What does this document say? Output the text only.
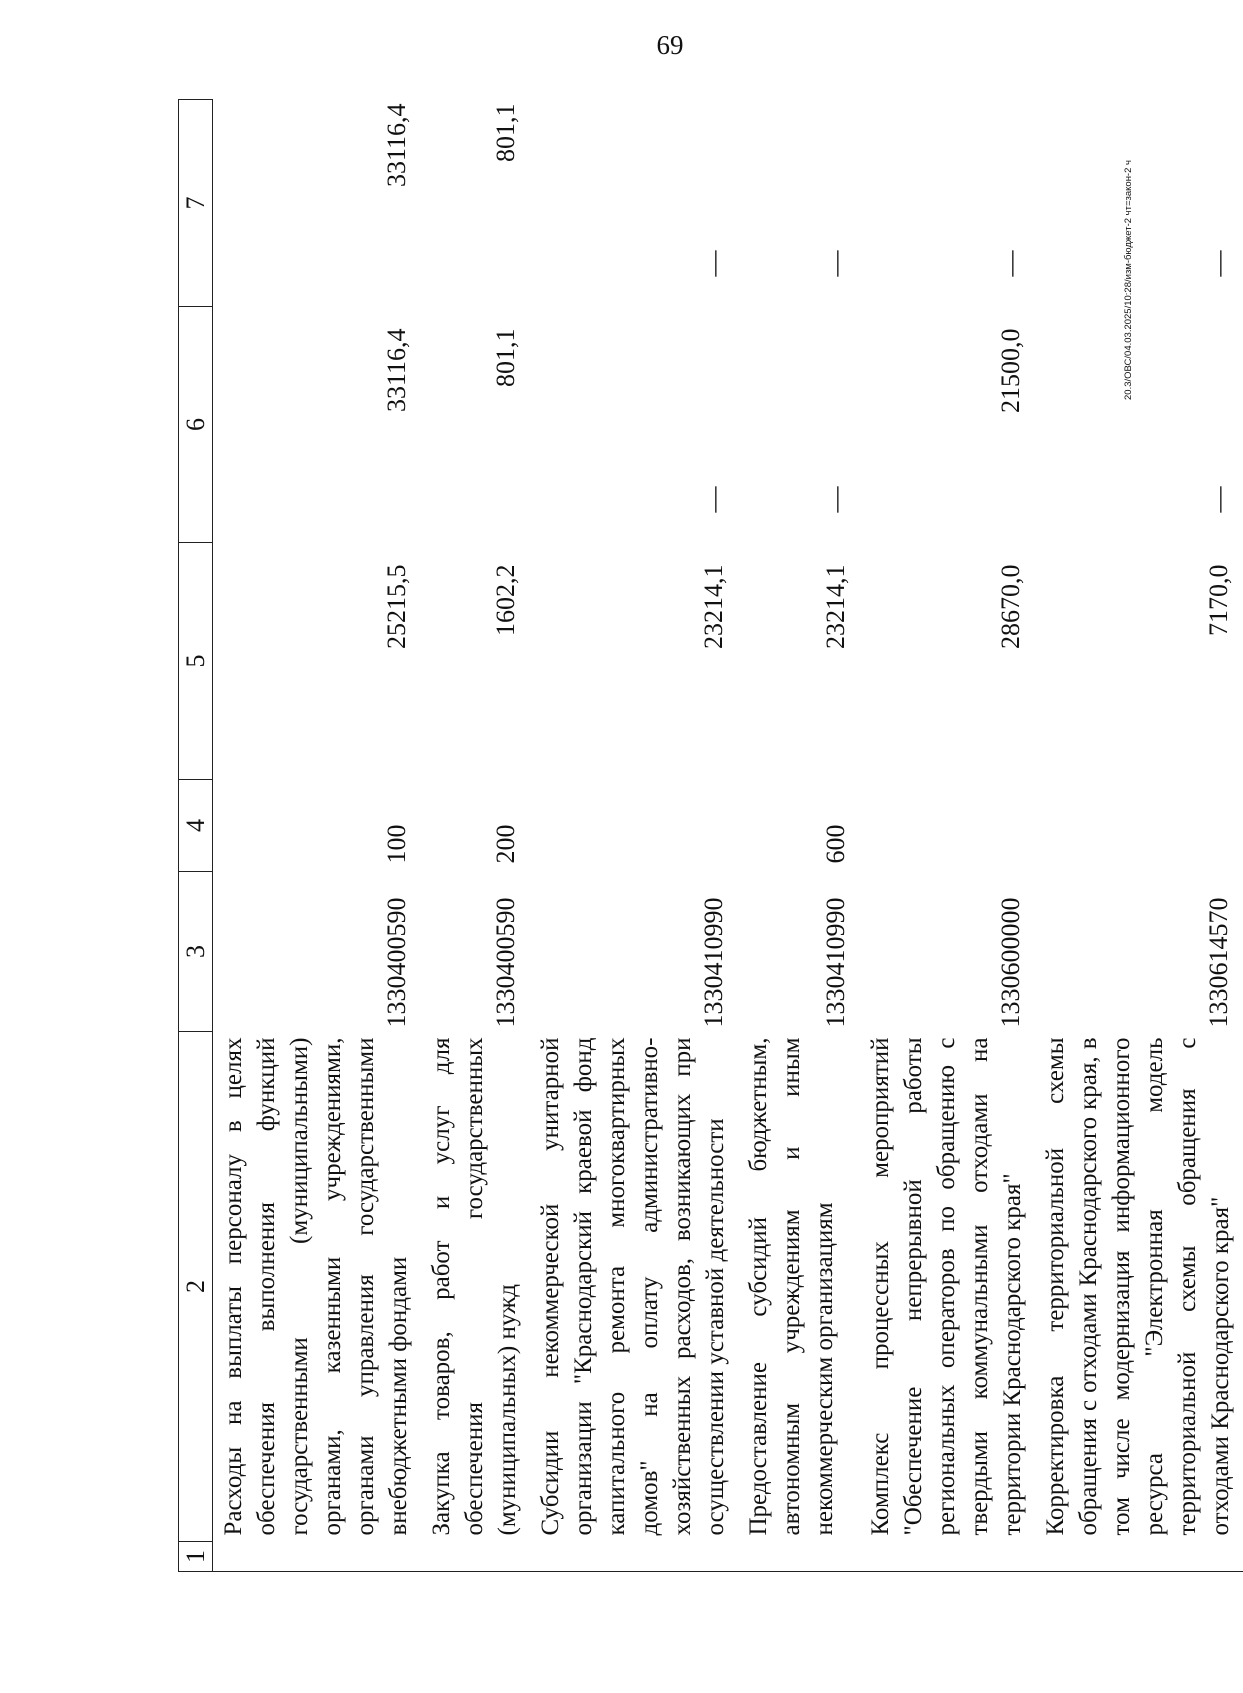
69
20.3/ОВС/04.03.2025/10:28/изм-бюджет-2 чт=закон-2 ч
1	2	3	4	5	6	7
	Расходы на выплаты персоналу в целях обеспечения выполнения функций государственными (муниципальными) органами, казенными учреждениями, органами управления государственными внебюджетными фондами	1330400590	100	25215,5	33116,4	33116,4
	Закупка товаров, работ и услуг для обеспечения государственных (муниципальных) нужд	1330400590	200	1602,2	801,1	801,1
	Субсидии некоммерческой унитарной организации "Краснодарский краевой фонд капитального ремонта многоквартирных домов" на оплату административно-хозяйственных расходов, возникающих при осуществлении уставной деятельности	1330410990		23214,1	—	—
	Предоставление субсидий бюджетным, автономным учреждениям и иным некоммерческим организациям	1330410990	600	23214,1	—	—
	Комплекс процессных мероприятий "Обеспечение непрерывной работы региональных операторов по обращению с твердыми коммунальными отходами на территории Краснодарского края"	1330600000		28670,0	21500,0	—
	Корректировка территориальной схемы обращения с отходами Краснодарского края, в том числе модернизация информационного ресурса "Электронная модель территориальной схемы обращения с отходами Краснодарского края"	1330614570		7170,0	—	—
